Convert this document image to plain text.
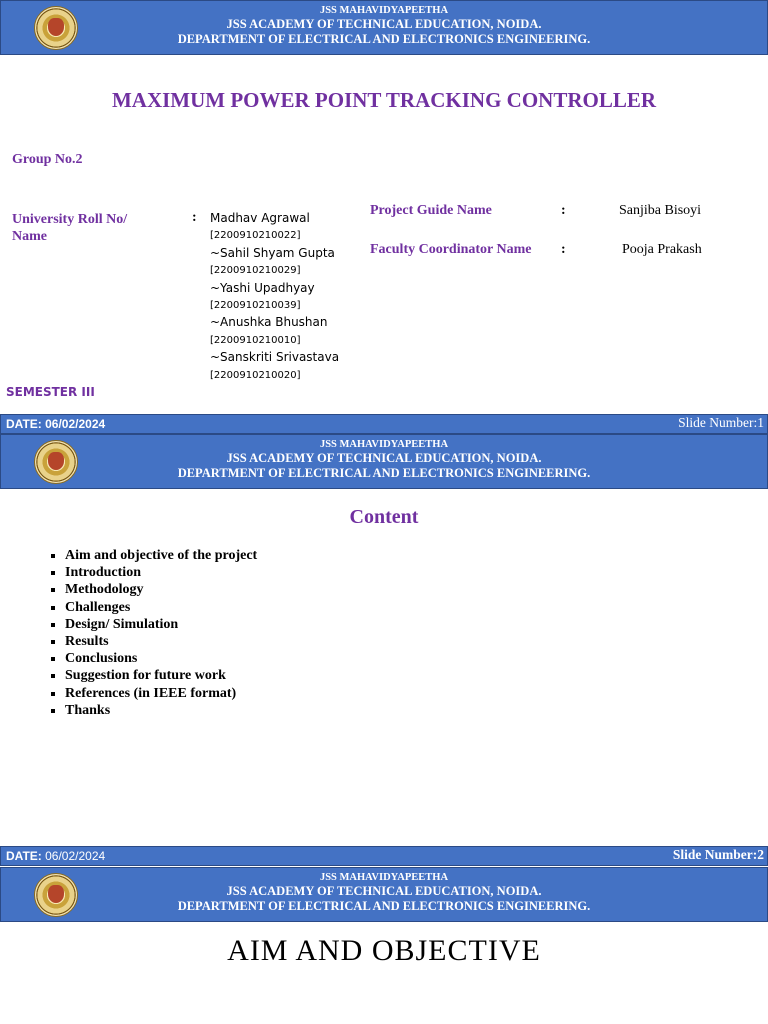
JSS MAHAVIDYAPEETHA
JSS ACADEMY OF TECHNICAL EDUCATION, NOIDA.
DEPARTMENT OF ELECTRICAL AND ELECTRONICS ENGINEERING.
MAXIMUM POWER POINT TRACKING CONTROLLER
Group No.2
University Roll No/
Name
: Madhav Agrawal
[2200910210022]
~Sahil Shyam Gupta
[2200910210029]
~Yashi Upadhyay
[2200910210039]
~Anushka Bhushan
[2200910210010]
~Sanskriti Srivastava
[2200910210020]
Project Guide Name	:	Sanjiba Bisoyi
Faculty Coordinator Name :	Pooja Prakash
SEMESTER III
DATE: 06/02/2024	Slide Number:1
JSS MAHAVIDYAPEETHA
JSS ACADEMY OF TECHNICAL EDUCATION, NOIDA.
DEPARTMENT OF ELECTRICAL AND ELECTRONICS ENGINEERING.
Content
▪ Aim and objective of the project
▪ Introduction
▪ Methodology
▪ Challenges
▪ Design/ Simulation
▪ Results
▪ Conclusions
▪ Suggestion for future work
▪ References (in IEEE format)
▪ Thanks
DATE: 06/02/2024	Slide Number:2
JSS MAHAVIDYAPEETHA
JSS ACADEMY OF TECHNICAL EDUCATION, NOIDA.
DEPARTMENT OF ELECTRICAL AND ELECTRONICS ENGINEERING.
AIM AND OBJECTIVE
